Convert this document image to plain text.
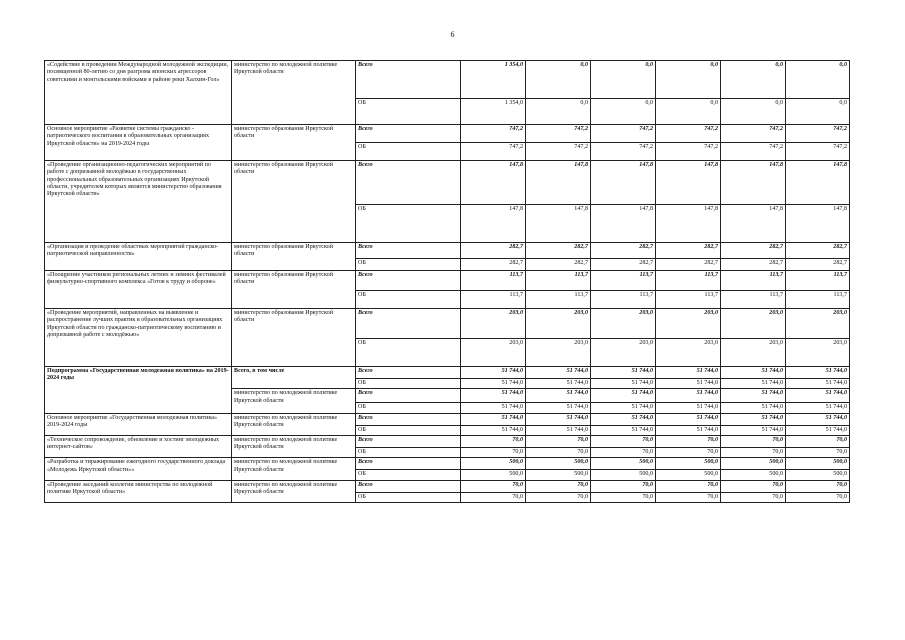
6
«Содействие в проведении Международной молодежной экспедиции, посвященной 80-летию со дня разгрома японских агрессоров советскими и монгольскими войсками в районе реки Халхин-Гол»	министерство по молодежной политике Иркутской области	Всего	1 354,0	0,0	0,0	0,0	0,0	0,0
		ОБ	1 354,0	0,0	0,0	0,0	0,0	0,0
Основное мероприятие «Развитие системы гражданско - патриотического воспитания в образовательных организациях Иркутской области» на 2019-2024 годы	министерство образования Иркутской области	Всего	747,2	747,2	747,2	747,2	747,2	747,2
		ОБ	747,2	747,2	747,2	747,2	747,2	747,2
«Проведение организационно-педагогических мероприятий по работе с допризывной молодёжью в государственных профессиональных образовательных организациях Иркутской области, учредителем которых является министерство образования Иркутской области»	министерство образования Иркутской области	Всего	147,8	147,8	147,8	147,8	147,8	147,8
		ОБ	147,8	147,8	147,8	147,8	147,8	147,8
«Организация и проведение областных мероприятий гражданско-патриотической направленности»	министерство образования Иркутской области	Всего	282,7	282,7	282,7	282,7	282,7	282,7
		ОБ	282,7	282,7	282,7	282,7	282,7	282,7
«Поощрение участников региональных летних и зимних фестивалей физкультурно-спортивного комплекса «Готов к труду и обороне»	министерство образования Иркутской области	Всего	113,7	113,7	113,7	113,7	113,7	113,7
		ОБ	113,7	113,7	113,7	113,7	113,7	113,7
«Проведение мероприятий, направленных на выявление и распространение лучших практик в образовательных организациях Иркутской области по гражданско-патриотическому воспитанию и допризывной работе с молодёжью»	министерство образования Иркутской области	Всего	203,0	203,0	203,0	203,0	203,0	203,0
		ОБ	203,0	203,0	203,0	203,0	203,0	203,0
Подпрограмма «Государственная молодежная политика» на 2019-2024 годы	Всего, в том числе	Всего	51 744,0	51 744,0	51 744,0	51 744,0	51 744,0	51 744,0
		ОБ	51 744,0	51 744,0	51 744,0	51 744,0	51 744,0	51 744,0
	министерство по молодежной политике Иркутской области	Всего	51 744,0	51 744,0	51 744,0	51 744,0	51 744,0	51 744,0
		ОБ	51 744,0	51 744,0	51 744,0	51 744,0	51 744,0	51 744,0
Основное мероприятие «Государственная молодежная политика» 2019-2024 годы	министерство по молодежной политике Иркутской области	Всего	51 744,0	51 744,0	51 744,0	51 744,0	51 744,0	51 744,0
		ОБ	51 744,0	51 744,0	51 744,0	51 744,0	51 744,0	51 744,0
«Техническое сопровождение, обновление и хостинг молодежных интернет-сайтов»	министерство по молодежной политике Иркутской области	Всего	70,0	70,0	70,0	70,0	70,0	70,0
		ОБ	70,0	70,0	70,0	70,0	70,0	70,0
«Разработка и тиражирование ежегодного государственного доклада «Молодежь Иркутской области»»	министерство по молодежной политике Иркутской области	Всего	500,0	500,0	500,0	500,0	500,0	500,0
		ОБ	500,0	500,0	500,0	500,0	500,0	500,0
«Проведение заседаний коллегии министерства по молодежной политике Иркутской области»	министерство по молодежной политике Иркутской области	Всего	70,0	70,0	70,0	70,0	70,0	70,0
		ОБ	70,0	70,0	70,0	70,0	70,0	70,0
